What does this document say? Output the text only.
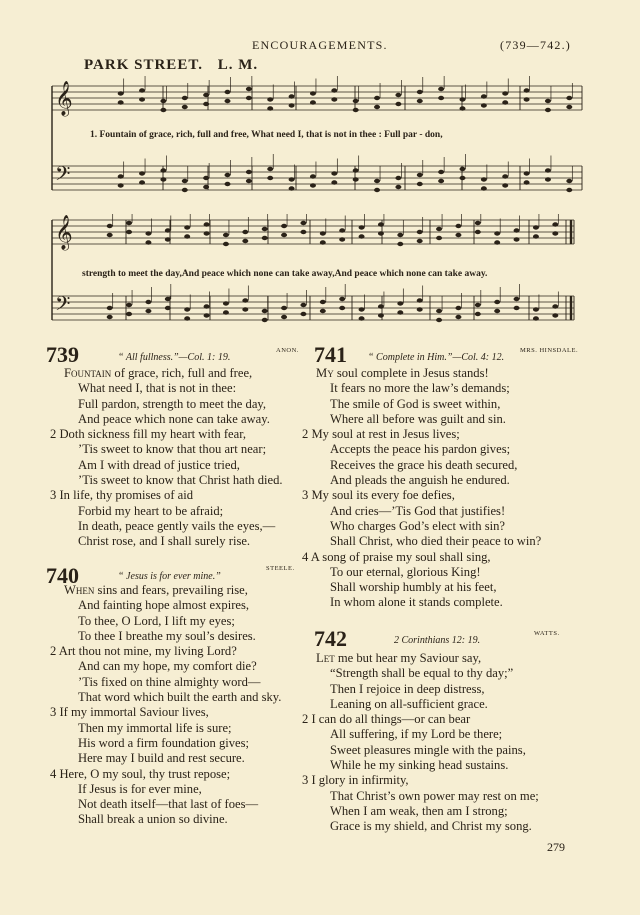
ENCOURAGEMENTS.	(739—742.)
PARK STREET. L. M.
𝄞
𝄢
1. Fountain of grace, rich, full and free, What need I, that is not in thee : Full par - don,
𝄞
𝄢
strength to meet the day,And peace which none can take away,And peace which none can take away.
739	“ All fullness.”—Col. 1: 19.
ANON.
Fountain of grace, rich, full and free,
What need I, that is not in thee:
Full pardon, strength to meet the day,
And peace which none can take away.
2 Doth sickness fill my heart with fear,
’Tis sweet to know that thou art near;
Am I with dread of justice tried,
’Tis sweet to know that Christ hath died.
3 In life, thy promises of aid
Forbid my heart to be afraid;
In death, peace gently vails the eyes,—
Christ rose, and I shall surely rise.
740	“ Jesus is for ever mine.”
STEELE.
When sins and fears, prevailing rise,
And fainting hope almost expires,
To thee, O Lord, I lift my eyes;
To thee I breathe my soul’s desires.
2 Art thou not mine, my living Lord?
And can my hope, my comfort die?
’Tis fixed on thine almighty word—
That word which built the earth and sky.
3 If my immortal Saviour lives,
Then my immortal life is sure;
His word a firm foundation gives;
Here may I build and rest secure.
4 Here, O my soul, thy trust repose;
If Jesus is for ever mine,
Not death itself—that last of foes—
Shall break a union so divine.
741 “ Complete in Him.”—Col. 4: 12.
MRS. HINSDALE.
My soul complete in Jesus stands!
It fears no more the law’s demands;
The smile of God is sweet within,
Where all before was guilt and sin.
2 My soul at rest in Jesus lives;
Accepts the peace his pardon gives;
Receives the grace his death secured,
And pleads the anguish he endured.
3 My soul its every foe defies,
And cries—’Tis God that justifies!
Who charges God’s elect with sin?
Shall Christ, who died their peace to win?
4 A song of praise my soul shall sing,
To our eternal, glorious King!
Shall worship humbly at his feet,
In whom alone it stands complete.
742	2 Corinthians 12: 19.
WATTS.
Let me but hear my Saviour say,
“Strength shall be equal to thy day;”
Then I rejoice in deep distress,
Leaning on all-sufficient grace.
2 I can do all things—or can bear
All suffering, if my Lord be there;
Sweet pleasures mingle with the pains,
While he my sinking head sustains.
3 I glory in infirmity,
That Christ’s own power may rest on me;
When I am weak, then am I strong;
Grace is my shield, and Christ my song.
279
